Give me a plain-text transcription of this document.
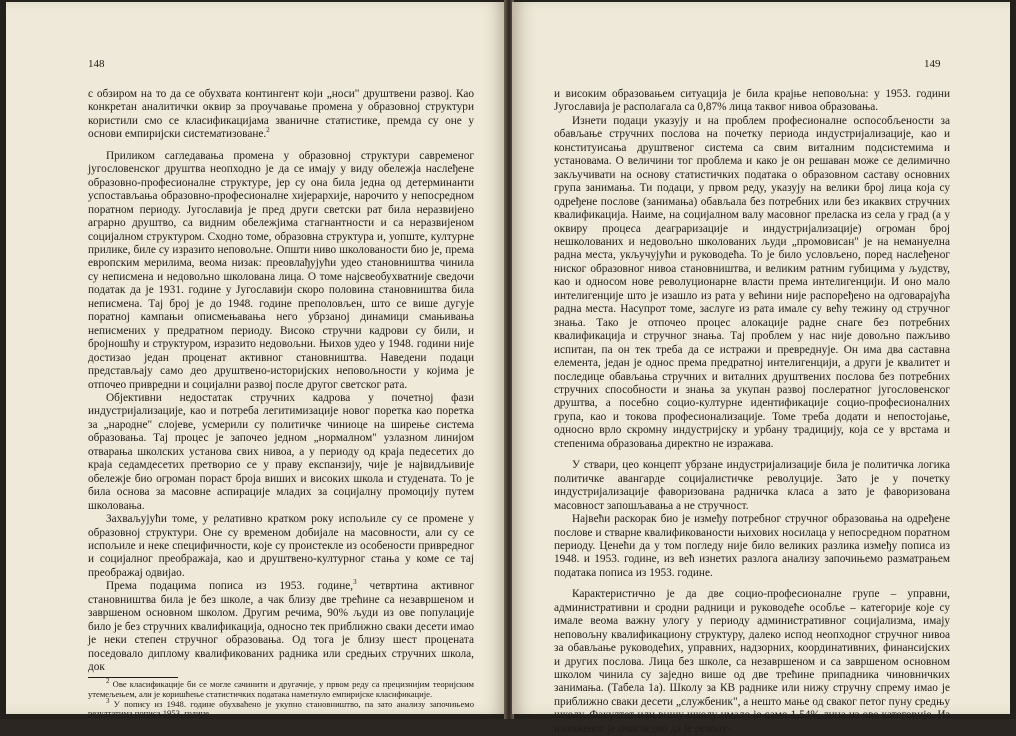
148

с обзиром на то да се обухвата контингент који „носи" друштвени развој. Као конкретан аналитички оквир за проучавање промена у образовној структури користили смо се класификацијама званичне статистике, премда су оне у основи емпиријски систематизоване.$^2$

Приликом сагледавања промена у образовној структури савременог југословенског друштва неопходно је да се имају у виду обележја наслеђене образовно-професионалне структуре, јер су она била једна од детерминанти успостављања образовно-професионалне хијерархије, нарочито у непосредном поратном периоду. Југославија је пред други светски рат била неразвијено аграрно друштво, са видним обележјима стагнантности и са неразвијеном социјалном структуром. Сходно томе, образовна структура и, уопште, културне прилике, биле су изразито неповољне. Општи ниво школованости био је, према европским мерилима, веома низак: преовлађујући удео становништва чинила су неписмена и недовољно школована лица. О томе најсвеобухватније сведочи податак да је 1931. године у Југославији скоро половина становништва била неписмена. Тај број је до 1948. године преполовљен, што се више дугује поратној кампањи описмењавања него убрзаној динамици смањивања неписмених у предратном периоду. Високо стручни кадрови су били, и бројношћу и структуром, изразито недовољни. Њихов удео у 1948. години није достизао један проценат активног становништва. Наведени подаци представљају само део друштвено-историјских неповољности у којима је отпочео привредни и социјални развој после другог светског рата.

Објективни недостатак стручних кадрова у почетној фази индустријализације, као и потреба легитимизације новог поретка као поретка за „народне" слојеве, усмерили су политичке чиниоце на ширење система образовања. Тај процес је започео једном „нормалном" узлазном линијом отварања школских установа свих нивоа, а у периоду од краја педесетих до краја седамдесетих претворио се у праву експанзију, чије је највидљивије обележје био огроман пораст броја виших и високих школа и студената. То је била основа за масовне аспирације младих за социјалну промоцију путем школовања.

Захваљујући томе, у релативно кратком року испољиле су се промене у образовној структури. Оне су временом добијале на масовности, али су се испољиле и неке специфичности, које су проистекле из особености привредног и социјалног преображаја, као и друштвено-културног стања у коме се тај преображај одвијао.

Према подацима пописа из 1953. године,$^3$ четвртина активног становништва била је без школе, а чак близу две трећине са незавршеном и завршеном основном школом. Другим речима, 90% људи из ове популације било је без стручних квалификација, односно тек приближно сваки десети имао је неки степен стручног образовања. Од тога је близу шест процената поседовало диплому квалификованих радника или средњих стручних школа, док

$^2$ Ове класификације би се могле сачинити и другачије, у првом реду са прецизнијим теоријским утемељењем, али је коришћење статистичких података наметнуло емпиријске класификације.

$^3$ У попису из 1948. године обухваћено је укупно становништво, па зато анализу започињемо резултатима пописа 1953. године.

149

и високим образовањем ситуација је била крајње неповољна: у 1953. години Југославија је располагала са 0,87% лица таквог нивоа образовања.

Изнети подаци указују и на проблем професионалне оспособљености за обављање стручних послова на почетку периода индустријализације, као и конституисања друштвеног система са свим виталним подсистемима и установама. О величини тог проблема и како је он решаван може се делимично закључивати на основу статистичких података о образовном саставу основних група занимања. Ти подаци, у првом реду, указују на велики број лица која су одређене послове (занимања) обављала без потребних или без икаквих стручних квалификација. Наиме, на социјалном валу масовног прелаcка из села у град (а у оквиру процеса деаграризације и индустријализације) огроман број нешколованих и недовољно школованих људи „промовисан" је на немануелна радна места, укључујући и руководећа. То је било условљено, поред наслеђеног ниског образовног нивоа становништва, и великим ратним губицима у људству, као и односом нове револуционарне власти према интелигенцији. И оно мало интелигенције што је изашло из рата у већини није распоређено на одговарајућа радна места. Насупрот томе, заслуге из рата имале су већу тежину од стручног знања. Тако је отпочео процес алокације радне снаге без потребних квалификација и стручног знања. Тај проблем у нас није довољно пажљиво испитан, па он тек треба да се истражи и превреднује. Он има два саставна елемента, један је однос према предратној интелигенцији, а други је квалитет и последице обављања стручних и виталних друштвених послова без потребних стручних способности и знања за укупан развој послератног југословенског друштва, а посебно социо-културне идентификације социо-професионалних група, као и токова професионализације. Томе треба додати и непостојање, односно врло скромну индустријску и урбану традицију, која се у врстама и степенима образовања директно не изражава.

У ствари, цео концепт убрзане индустријализације била је политичка логика политичке авангарде социјалистичке револуције. Зато је у почетку индустријализације фаворизована радничка класа а зато је фаворизована масовност запошљавања а не стручност.

Највећи раскорак био је између потребног стручног образовања на одређене послове и стварне квалификованости њихових носилаца у непосредном поратном периоду. Ценећи да у том погледу није било великих разлика између пописа из 1948. и 1953. године, из већ изнетих разлога анализу започињемо разматрањем података пописа из 1953. године.

Карактеристично је да две социо-професионалне групе – управни, административни и сродни радници и руководеће особље – категорије које су имале веома важну улогу у периоду административног социјализма, имају неповољну квалификациону структуру, далеко испод неопходног стручног нивоа за обављање руководећих, управних, надзорних, координативних, финансијских и других послова. Лица без школе, са незавршеном и са завршеном основном школом чинила су заједно више од две трећине припадника чиновничких занимања. (Табела 1а). Школу за КВ раднике или нижу стручну спрему имао је приближно сваки десети „службеник", а нешто мање од сваког петог пуну средњу школу. Факултет или вишу школу имало је само 1,54% лица из ове категорије. Из изложеног је очигледно да је револу-
